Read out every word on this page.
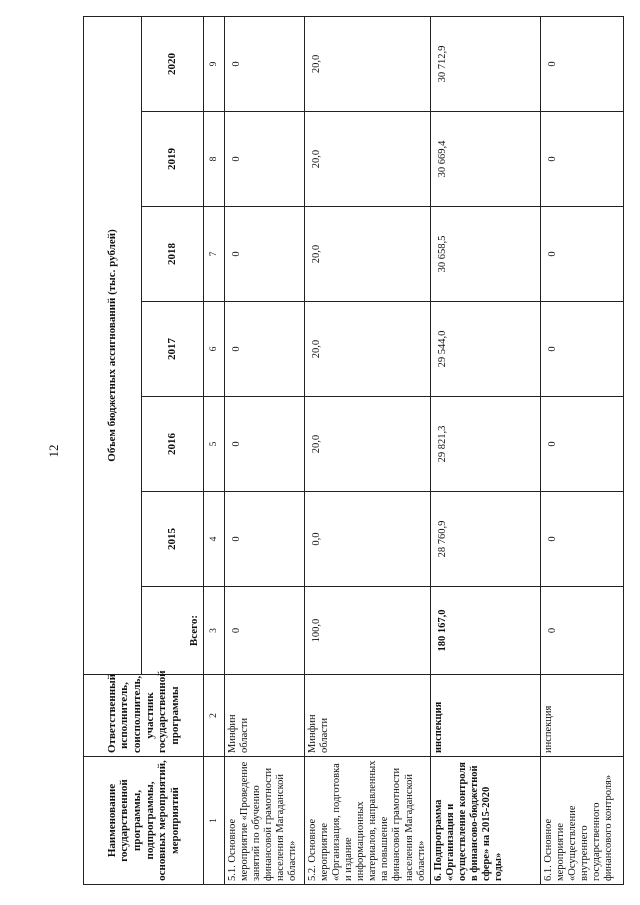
12
Наименование государственной программы, подпрограммы, основных мероприятий, мероприятий	Ответственный исполнитель, соисполнитель, участник государственной программы	Объем бюджетных ассигнований (тыс. рублей)						
		Всего:	2015	2016	2017	2018	2019	2020
1	2	3	4	5	6	7	8	9
5.1. Основное мероприятие «Проведение занятий по обучению финансовой грамотности населения Магаданской области»	Минфин области	0	0	0	0	0	0	0
5.2. Основное мероприятие «Организация, подготовка и издание информационных материалов, направленных на повышение финансовой грамотности населения Магаданской области»	Минфин области	100,0	0,0	20,0	20,0	20,0	20,0	20,0
6. Подпрограмма «Организация и осуществление контроля в финансово-бюджетной сфере» на 2015-2020 годы»	инспекция	180 167,0	28 760,9	29 821,3	29 544,0	30 658,5	30 669,4	30 712,9
6.1. Основное мероприятие «Осуществление внутреннего государственного финансового контроля»	инспекция	0	0	0	0	0	0	0
